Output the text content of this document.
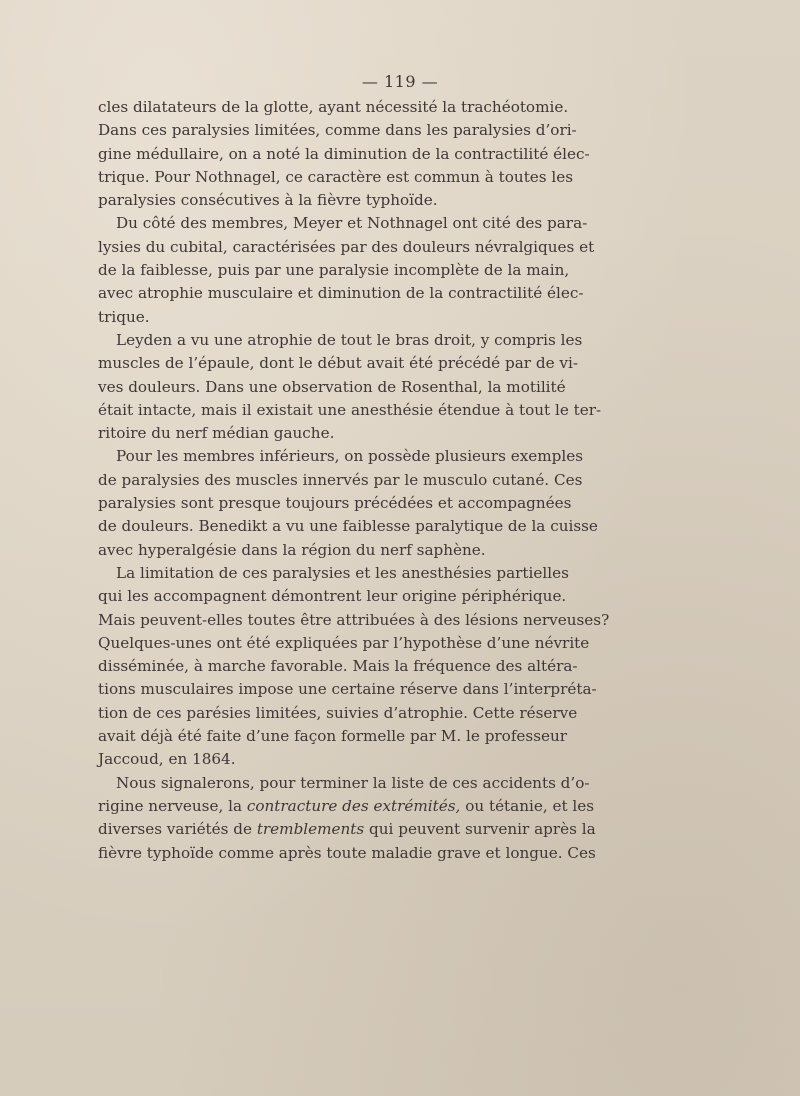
— 119 —

cles dilatateurs de la glotte, ayant nécessité la trachéotomie.
Dans ces paralysies limitées, comme dans les paralysies d’ori-
gine médullaire, on a noté la diminution de la contractilité élec-
trique. Pour Nothnagel, ce caractère est commun à toutes les
paralysies consécutives à la fièvre typhoïde.

Du côté des membres, Meyer et Nothnagel ont cité des para-
lysies du cubital, caractérisées par des douleurs névralgiques et
de la faiblesse, puis par une paralysie incomplète de la main,
avec atrophie musculaire et diminution de la contractilité élec-
trique.

Leyden a vu une atrophie de tout le bras droit, y compris les
muscles de l’épaule, dont le début avait été précédé par de vi-
ves douleurs. Dans une observation de Rosenthal, la motilité
était intacte, mais il existait une anesthésie étendue à tout le ter-
ritoire du nerf médian gauche.

Pour les membres inférieurs, on possède plusieurs exemples
de paralysies des muscles innervés par le musculo cutané. Ces
paralysies sont presque toujours précédées et accompagnées
de douleurs. Benedikt a vu une faiblesse paralytique de la cuisse
avec hyperalgésie dans la région du nerf saphène.

La limitation de ces paralysies et les anesthésies partielles
qui les accompagnent démontrent leur origine périphérique.
Mais peuvent-elles toutes être attribuées à des lésions nerveuses?
Quelques-unes ont été expliquées par l’hypothèse d’une névrite
disséminée, à marche favorable. Mais la fréquence des altéra-
tions musculaires impose une certaine réserve dans l’interpréta-
tion de ces parésies limitées, suivies d’atrophie. Cette réserve
avait déjà été faite d’une façon formelle par M. le professeur
Jaccoud, en 1864.

Nous signalerons, pour terminer la liste de ces accidents d’o-
rigine nerveuse, la contracture des extrémités, ou tétanie, et les
diverses variétés de tremblements qui peuvent survenir après la
fièvre typhoïde comme après toute maladie grave et longue. Ces
